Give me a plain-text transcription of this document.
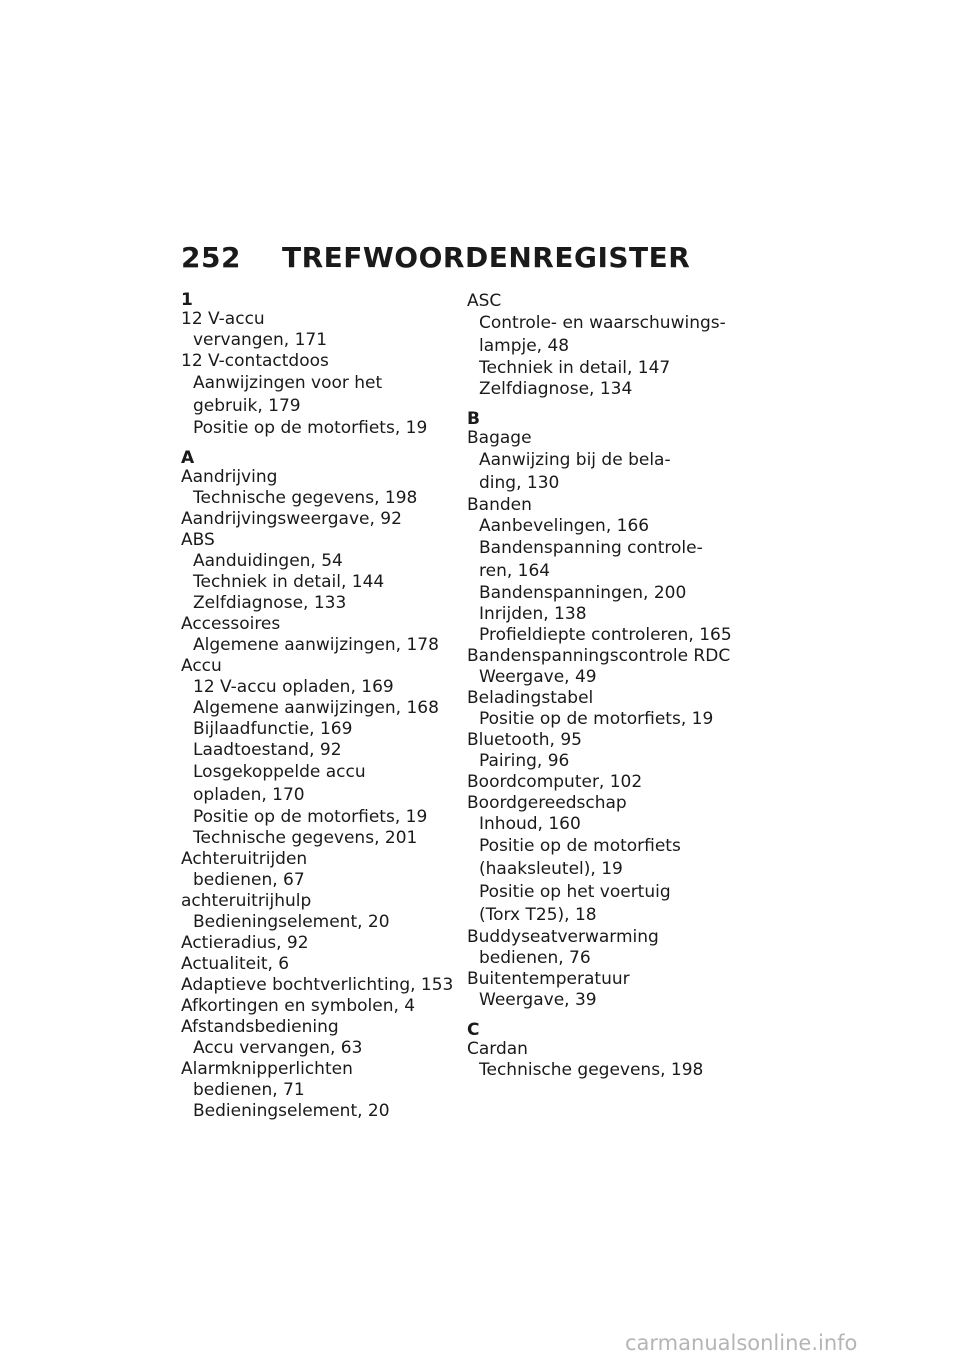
252 TREFWOORDENREGISTER
1
12 V-accu
vervangen, 171
12 V-contactdoos
Aanwijzingen voor het
gebruik, 179
Positie op de motorfiets, 19
A
Aandrijving
Technische gegevens, 198
Aandrijvingsweergave, 92
ABS
Aanduidingen, 54
Techniek in detail, 144
Zelfdiagnose, 133
Accessoires
Algemene aanwijzingen, 178
Accu
12 V-accu opladen, 169
Algemene aanwijzingen, 168
Bijlaadfunctie, 169
Laadtoestand, 92
Losgekoppelde accu
opladen, 170
Positie op de motorfiets, 19
Technische gegevens, 201
Achteruitrijden
bedienen, 67
achteruitrijhulp
Bedieningselement, 20
Actieradius, 92
Actualiteit, 6
Adaptieve bochtverlichting, 153
Afkortingen en symbolen, 4
Afstandsbediening
Accu vervangen, 63
Alarmknipperlichten
bedienen, 71
Bedieningselement, 20
ASC
Controle- en waarschuwings-
lampje, 48
Techniek in detail, 147
Zelfdiagnose, 134
B
Bagage
Aanwijzing bij de bela-
ding, 130
Banden
Aanbevelingen, 166
Bandenspanning controle-
ren, 164
Bandenspanningen, 200
Inrijden, 138
Profieldiepte controleren, 165
Bandenspanningscontrole RDC
Weergave, 49
Beladingstabel
Positie op de motorfiets, 19
Bluetooth, 95
Pairing, 96
Boordcomputer, 102
Boordgereedschap
Inhoud, 160
Positie op de motorfiets
(haaksleutel), 19
Positie op het voertuig
(Torx T25), 18
Buddyseatverwarming
bedienen, 76
Buitentemperatuur
Weergave, 39
C
Cardan
Technische gegevens, 198
carmanualsonline.info
